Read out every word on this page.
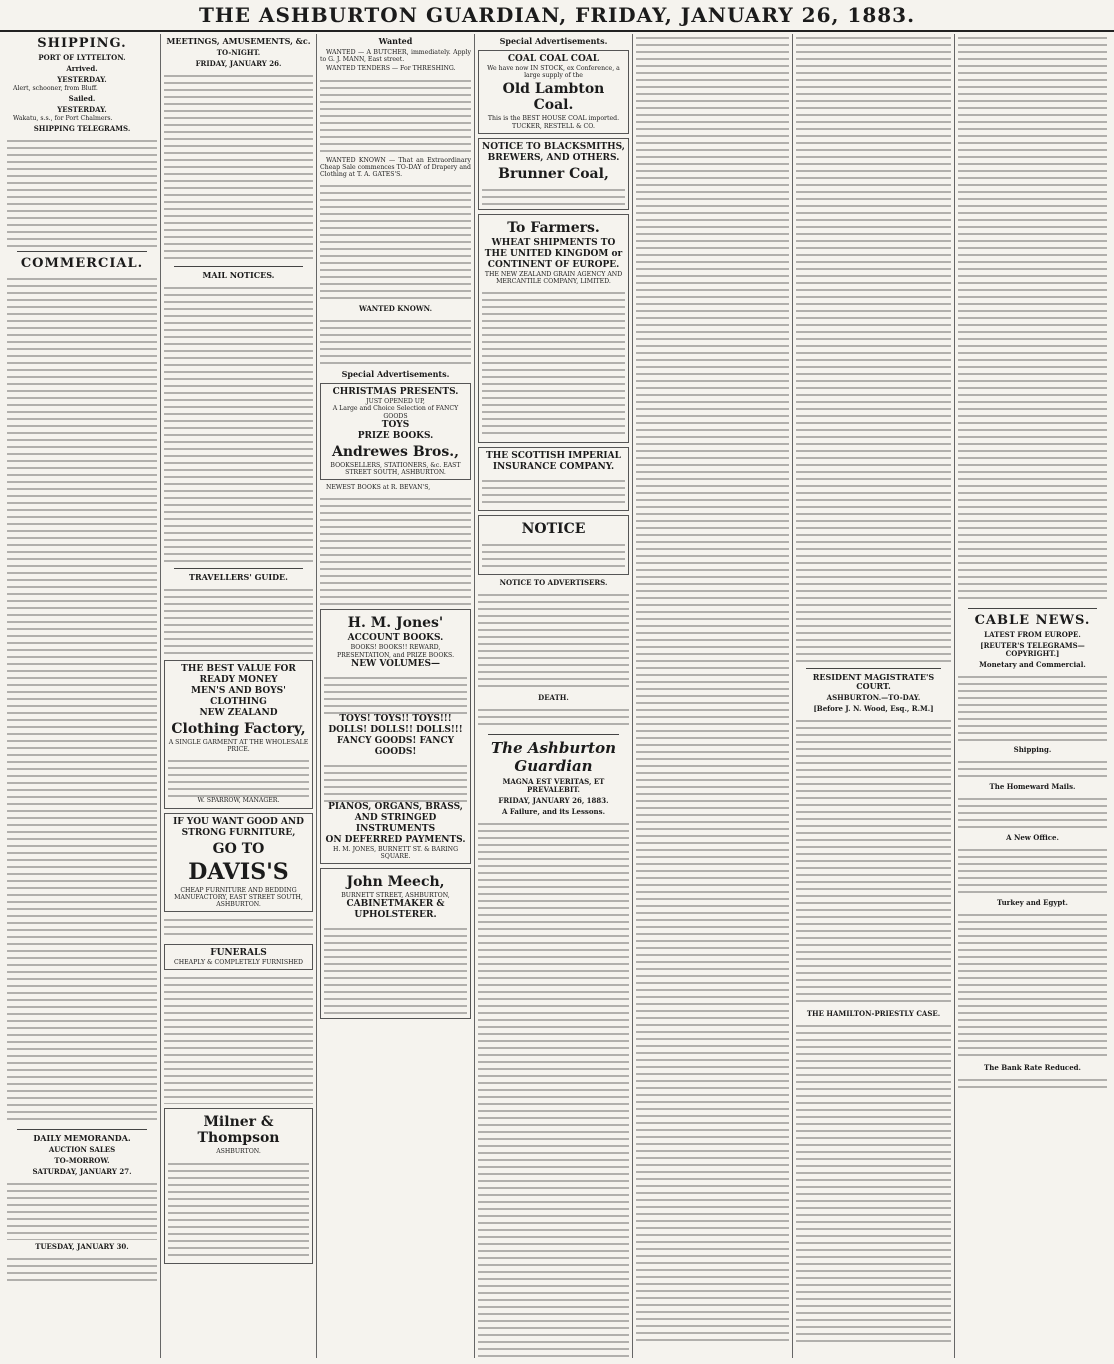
THE ASHBURTON GUARDIAN, FRIDAY, JANUARY 26, 1883.
SHIPPING.
PORT OF LYTTELTON.
Arrived.
YESTERDAY.

Alert, schooner, from Bluff.

Sailed.
YESTERDAY.

Wakatu, s.s., for Port Chalmers.

SHIPPING TELEGRAMS.
COMMERCIAL.
DAILY MEMORANDA.
AUCTION SALES
TO-MORROW.
SATURDAY, JANUARY 27.
TUESDAY, JANUARY 30.
MEETINGS, AMUSEMENTS, &c.
TO-NIGHT.
FRIDAY, JANUARY 26.
MAIL NOTICES.
TRAVELLERS' GUIDE.
THE BEST VALUE FOR READY MONEY
MEN'S AND BOYS' CLOTHING
NEW ZEALAND
Clothing Factory,
A SINGLE GARMENT AT THE WHOLESALE PRICE.
W. SPARROW, MANAGER.
IF YOU WANT GOOD AND STRONG FURNITURE,
GO TO
DAVIS'S
CHEAP FURNITURE AND BEDDING MANUFACTORY, EAST STREET SOUTH, ASHBURTON.
FUNERALS
CHEAPLY & COMPLETELY FURNISHED
Milner & Thompson
ASHBURTON.
Wanted

WANTED — A BUTCHER, immediately. Apply to G. J. MANN, East street.

WANTED TENDERS — For THRESHING.

WANTED KNOWN — That an Extraordinary Cheap Sale commences TO-DAY of Drapery and Clothing at T. A. GATES'S.

WANTED KNOWN.
Special Advertisements.
CHRISTMAS PRESENTS.
JUST OPENED UP,
A Large and Choice Selection of FANCY GOODS
TOYS
PRIZE BOOKS.
Andrewes Bros.,
BOOKSELLERS, STATIONERS, &c. EAST STREET SOUTH, ASHBURTON.

NEWEST BOOKS at R. BEVAN'S,

H. M. Jones'
ACCOUNT BOOKS.
BOOKS! BOOKS!! REWARD, PRESENTATION, and PRIZE BOOKS.
NEW VOLUMES—
TOYS! TOYS!! TOYS!!!
DOLLS! DOLLS!! DOLLS!!!
FANCY GOODS! FANCY GOODS!
PIANOS, ORGANS, BRASS, AND STRINGED INSTRUMENTS
ON DEFERRED PAYMENTS.
H. M. JONES, BURNETT ST. & BARING SQUARE.
John Meech,
BURNETT STREET, ASHBURTON,
CABINETMAKER & UPHOLSTERER.
Special Advertisements.
COAL COAL COAL
We have now IN STOCK, ex Conference, a large supply of the
Old Lambton Coal.
This is the BEST HOUSE COAL imported.
TUCKER, RESTELL & CO.
NOTICE TO BLACKSMITHS, BREWERS, AND OTHERS.
Brunner Coal,
To Farmers.
WHEAT SHIPMENTS TO THE UNITED KINGDOM or CONTINENT OF EUROPE.
THE NEW ZEALAND GRAIN AGENCY AND MERCANTILE COMPANY, LIMITED.
THE SCOTTISH IMPERIAL INSURANCE COMPANY.
NOTICE
NOTICE TO ADVERTISERS.
DEATH.
The Ashburton Guardian
MAGNA EST VERITAS, ET PREVALEBIT.
FRIDAY, JANUARY 26, 1883.
A Failure, and its Lessons.
RESIDENT MAGISTRATE'S COURT.
ASHBURTON.—TO-DAY.
[Before J. N. Wood, Esq., R.M.]
THE HAMILTON-PRIESTLY CASE.
CABLE NEWS.
LATEST FROM EUROPE.
[REUTER'S TELEGRAMS—COPYRIGHT.]
Monetary and Commercial.
Shipping.
The Homeward Mails.
A New Office.
Turkey and Egypt.
The Bank Rate Reduced.
